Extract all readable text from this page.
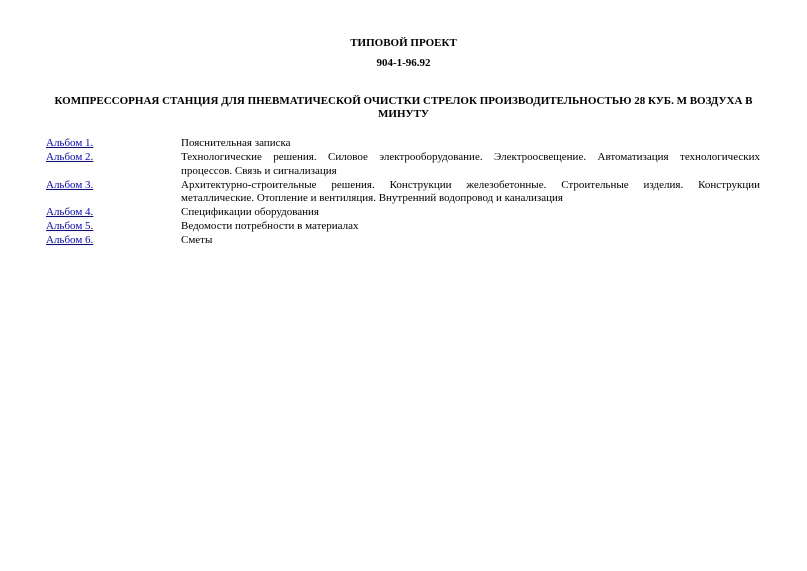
ТИПОВОЙ ПРОЕКТ
904-1-96.92
КОМПРЕССОРНАЯ СТАНЦИЯ ДЛЯ ПНЕВМАТИЧЕСКОЙ ОЧИСТКИ СТРЕЛОК ПРОИЗВОДИТЕЛЬНОСТЬЮ 28 КУБ. М ВОЗДУХА В МИНУТУ
Альбом 1.	Пояснительная записка
Альбом 2.	Технологические решения. Силовое электрооборудование. Электроосвещение. Автоматизация технологических процессов. Связь и сигнализация
Альбом 3.	Архитектурно-строительные решения. Конструкции железобетонные. Строительные изделия. Конструкции металлические. Отопление и вентиляция. Внутренний водопровод и канализация
Альбом 4.	Спецификации оборудования
Альбом 5.	Ведомости потребности в материалах
Альбом 6.	Сметы
